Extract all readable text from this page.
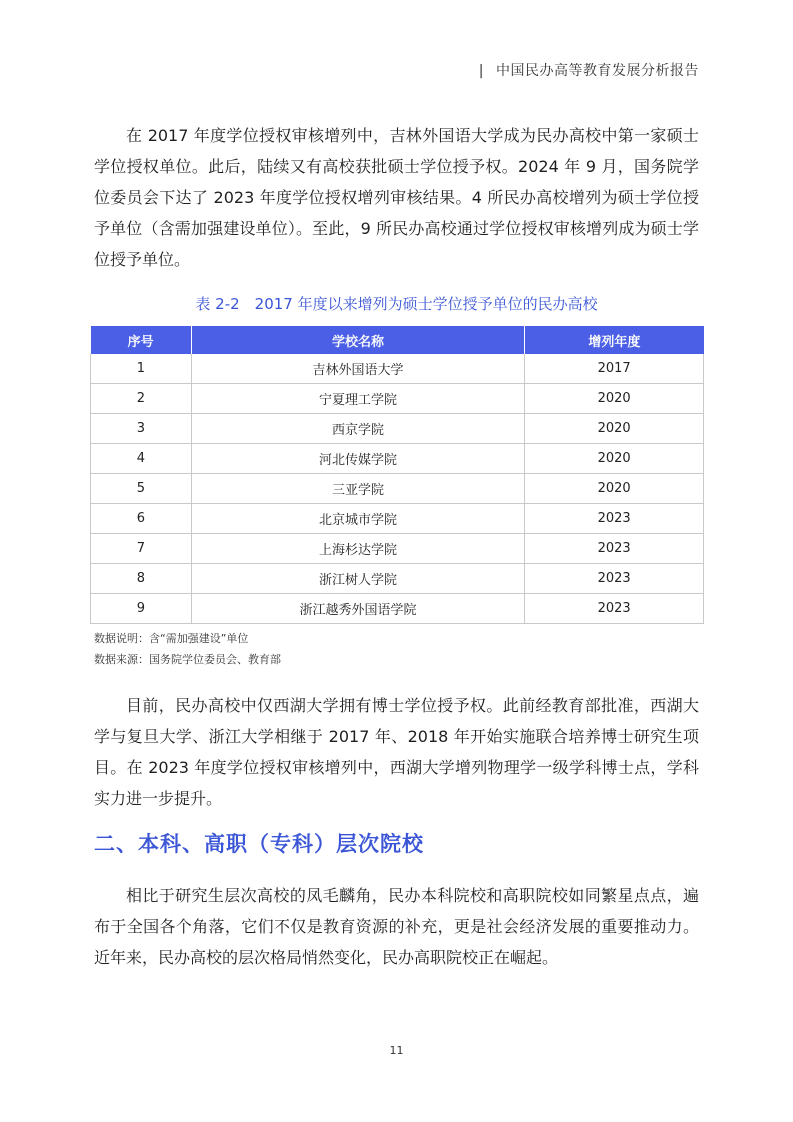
| 中国民办高等教育发展分析报告

在 2017 年度学位授权审核增列中，吉林外国语大学成为民办高校中第一家硕士学位授权单位。此后，陆续又有高校获批硕士学位授予权。2024 年 9 月，国务院学位委员会下达了 2023 年度学位授权增列审核结果。4 所民办高校增列为硕士学位授予单位（含需加强建设单位）。至此，9 所民办高校通过学位授权审核增列成为硕士学位授予单位。

表 2-2　2017 年度以来增列为硕士学位授予单位的民办高校
序号	学校名称	增列年度
1	吉林外国语大学	2017
2	宁夏理工学院	2020
3	西京学院	2020
4	河北传媒学院	2020
5	三亚学院	2020
6	北京城市学院	2023
7	上海杉达学院	2023
8	浙江树人学院	2023
9	浙江越秀外国语学院	2023
数据说明：含“需加强建设”单位
数据来源：国务院学位委员会、教育部

目前，民办高校中仅西湖大学拥有博士学位授予权。此前经教育部批准，西湖大学与复旦大学、浙江大学相继于 2017 年、2018 年开始实施联合培养博士研究生项目。在 2023 年度学位授权审核增列中，西湖大学增列物理学一级学科博士点，学科实力进一步提升。

二、本科、高职（专科）层次院校

相比于研究生层次高校的凤毛麟角，民办本科院校和高职院校如同繁星点点，遍布于全国各个角落，它们不仅是教育资源的补充，更是社会经济发展的重要推动力。近年来，民办高校的层次格局悄然变化，民办高职院校正在崛起。

11
